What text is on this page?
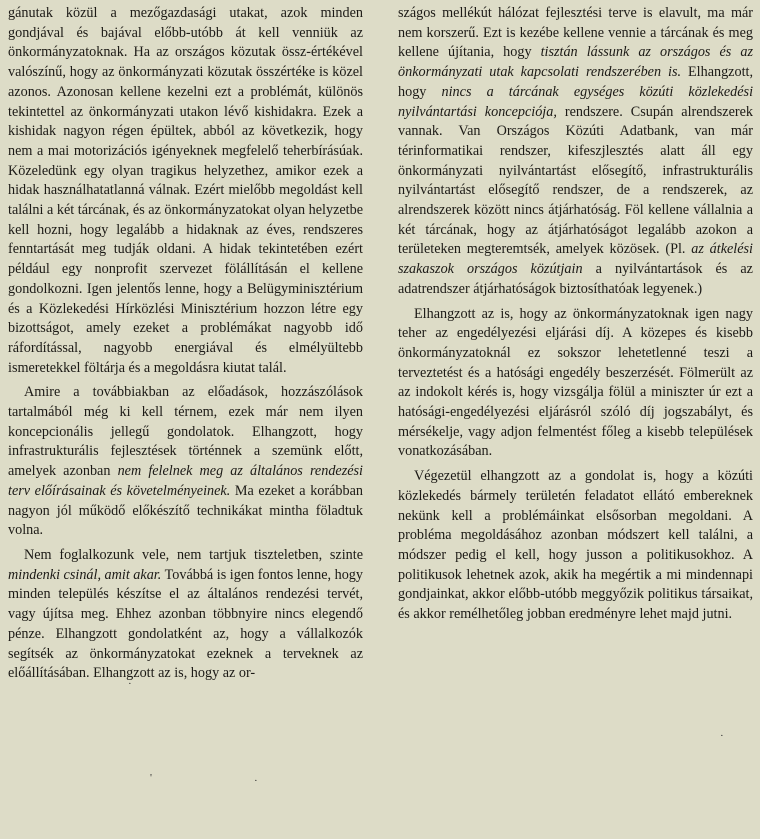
gánutak közül a mezőgazdasági utakat, azok minden gondjával és bajával előbb-utóbb át kell venniük az önkormányzatoknak. Ha az országos közutak össz-értékével valószínű, hogy az önkormányzati közutak összértéke is közel azonos. Azonosan kellene kezelni ezt a problémát, különös tekintettel az önkormányzati utakon lévő kishidakra. Ezek a kishidak nagyon régen épültek, abból az következik, hogy nem a mai motorizációs igényeknek megfelelő teherbírásúak. Közeledünk egy olyan tragikus helyzethez, amikor ezek a hidak használhatatlanná válnak. Ezért mielőbb megoldást kell találni a két tárcának, és az önkormányzatokat olyan helyzetbe kell hozni, hogy legalább a hidaknak az éves, rendszeres fenntartását meg tudják oldani. A hidak tekintetében ezért például egy nonprofit szervezet fölállításán el kellene gondolkozni. Igen jelentős lenne, hogy a Belügyminisztérium és a Közlekedési Hírközlési Minisztérium hozzon létre egy bizottságot, amely ezeket a problémákat nagyobb idő ráfordítással, nagyobb energiával és elmélyültebb ismeretekkel föltárja és a megoldásra kiutat talál.

Amire a továbbiakban az előadások, hozzászólások tartalmából még ki kell térnem, ezek már nem ilyen koncepcionális jellegű gondolatok. Elhangzott, hogy infrastrukturális fejlesztések történnek a szemünk előtt, amelyek azonban nem felelnek meg az általános rendezési terv előírásainak és követelményeinek. Ma ezeket a korábban nagyon jól működő előkészítő technikákat mintha föladtuk volna.

Nem foglalkozunk vele, nem tartjuk tiszteletben, szinte mindenki csinál, amit akar. Továbbá is igen fontos lenne, hogy minden település készítse el az általános rendezési tervét, vagy újítsa meg. Ehhez azonban többnyire nincs elegendő pénze. Elhangzott gondolatként az, hogy a vállalkozók segítsék az önkormányzatokat ezeknek a terveknek az előállításában. Elhangzott az is, hogy az or-

szágos mellékút hálózat fejlesztési terve is elavult, ma már nem korszerű. Ezt is kezébe kellene vennie a tárcának és meg kellene újítania, hogy tisztán lássunk az országos és az önkormányzati utak kapcsolati rendszerében is. Elhangzott, hogy nincs a tárcának egységes közúti közlekedési nyilvántartási koncepciója, rendszere. Csupán alrendszerek vannak. Van Országos Közúti Adatbank, van már térinformatikai rendszer, kifeszjlesztés alatt áll egy önkormányzati nyilvántartást elősegítő, infrastrukturális nyilvántartást elősegítő rendszer, de a rendszerek, az alrendszerek között nincs átjárhatóság. Föl kellene vállalnia a két tárcának, hogy az átjárhatóságot legalább azokon a területeken megteremtsék, amelyek közösek. (Pl. az átkelési szakaszok országos közútjain a nyilvántartások és az adatrendszer átjárhatóságok biztosíthatóak legyenek.)

Elhangzott az is, hogy az önkormányzatoknak igen nagy teher az engedélyezési eljárási díj. A közepes és kisebb önkormányzatoknál ez sokszor lehetetlenné teszi a terveztetést és a hatósági engedély beszerzését. Fölmerült az az indokolt kérés is, hogy vizsgálja fölül a miniszter úr ezt a hatósági-engedélyezési eljárásról szóló díj jogszabályt, és mérsékelje, vagy adjon felmentést főleg a kisebb települések vonatkozásában.

Végezetül elhangzott az a gondolat is, hogy a közúti közlekedés bármely területén feladatot ellátó embereknek nekünk kell a problémáinkat elsősorban megoldani. A probléma megoldásához azonban módszert kell találni, a módszer pedig el kell, hogy jusson a politikusokhoz. A politikusok lehetnek azok, akik ha megértik a mi mindennapi gondjainkat, akkor előbb-utóbb meggyőzik politikus társaikat, és akkor remélhetőleg jobban eredményre lehet majd jutni.

·
'	·
·
